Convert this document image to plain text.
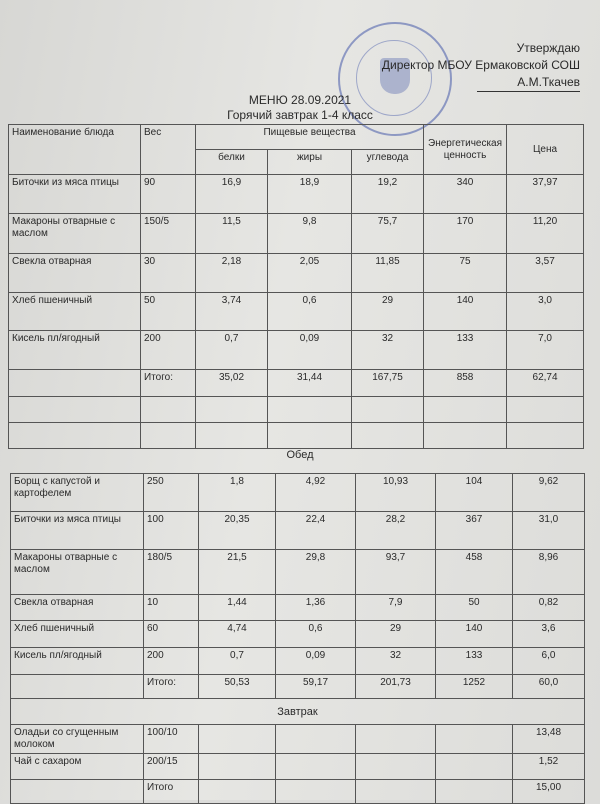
Утверждаю
Директор МБОУ Ермаковской СОШ
А.М.Ткачев
МЕНЮ 28.09.2021
Горячий завтрак 1-4 класс
Наименование блюда	Вес	Пищевые вещества			Энергетическая ценность	Цена
		белки	жиры	углевода		
Биточки из мяса птицы	90	16,9	18,9	19,2	340	37,97
Макароны отварные с маслом	150/5	11,5	9,8	75,7	170	11,20
Свекла отварная	30	2,18	2,05	11,85	75	3,57
Хлеб пшеничный	50	3,74	0,6	29	140	3,0
Кисель пл/ягодный	200	0,7	0,09	32	133	7,0
	Итого:	35,02	31,44	167,75	858	62,74

Обед
Борщ с капустой и картофелем	250	1,8	4,92	10,93	104	9,62
Биточки из мяса птицы	100	20,35	22,4	28,2	367	31,0
Макароны отварные с маслом	180/5	21,5	29,8	93,7	458	8,96
Свекла отварная	10	1,44	1,36	7,9	50	0,82
Хлеб пшеничный	60	4,74	0,6	29	140	3,6
Кисель пл/ягодный	200	0,7	0,09	32	133	6,0
	Итого:	50,53	59,17	201,73	1252	60,0
Завтрак						
Оладьи со сгущенным молоком	100/10					13,48
Чай с сахаром	200/15					1,52
	Итого					15,00
